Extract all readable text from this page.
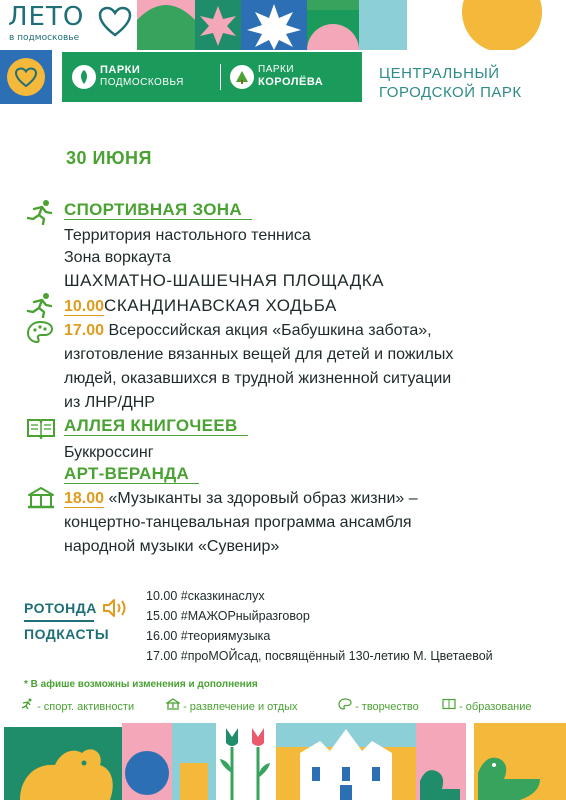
ЛЕТО
в подмосковье
ПАРКИ
ПОДМОСКОВЬЯ
ПАРКИ
КОРОЛЁВА	ЦЕНТРАЛЬНЫЙ
ГОРОДСКОЙ ПАРК
30 ИЮНЯ
СПОРТИВНАЯ ЗОНА
Территория настольного тенниса
Зона воркаута
ШАХМАТНО-ШАШЕЧНАЯ ПЛОЩАДКА
10.00СКАНДИНАВСКАЯ ХОДЬБА
17.00 Всероссийская акция «Бабушкина забота»,
изготовление вязанных вещей для детей и пожилых
людей, оказавшихся в трудной жизненной ситуации
из ЛНР/ДНР
АЛЛЕЯ КНИГОЧЕЕВ
Буккроссинг
АРТ-ВЕРАНДА
18.00 «Музыканты за здоровый образ жизни» –
концертно-танцевальная программа ансамбля
народной музыки «Сувенир»
РОТОНДА
ПОДКАСТЫ
10.00 #сказкинаслух
15.00 #МАЖОРныйразговор
16.00 #теориямузыка
17.00 #проМОЙсад, посвящённый 130-летию М. Цветаевой
* В афише возможны изменения и дополнения
- спорт. активности	- развлечение и отдых	- творчество	- образование
